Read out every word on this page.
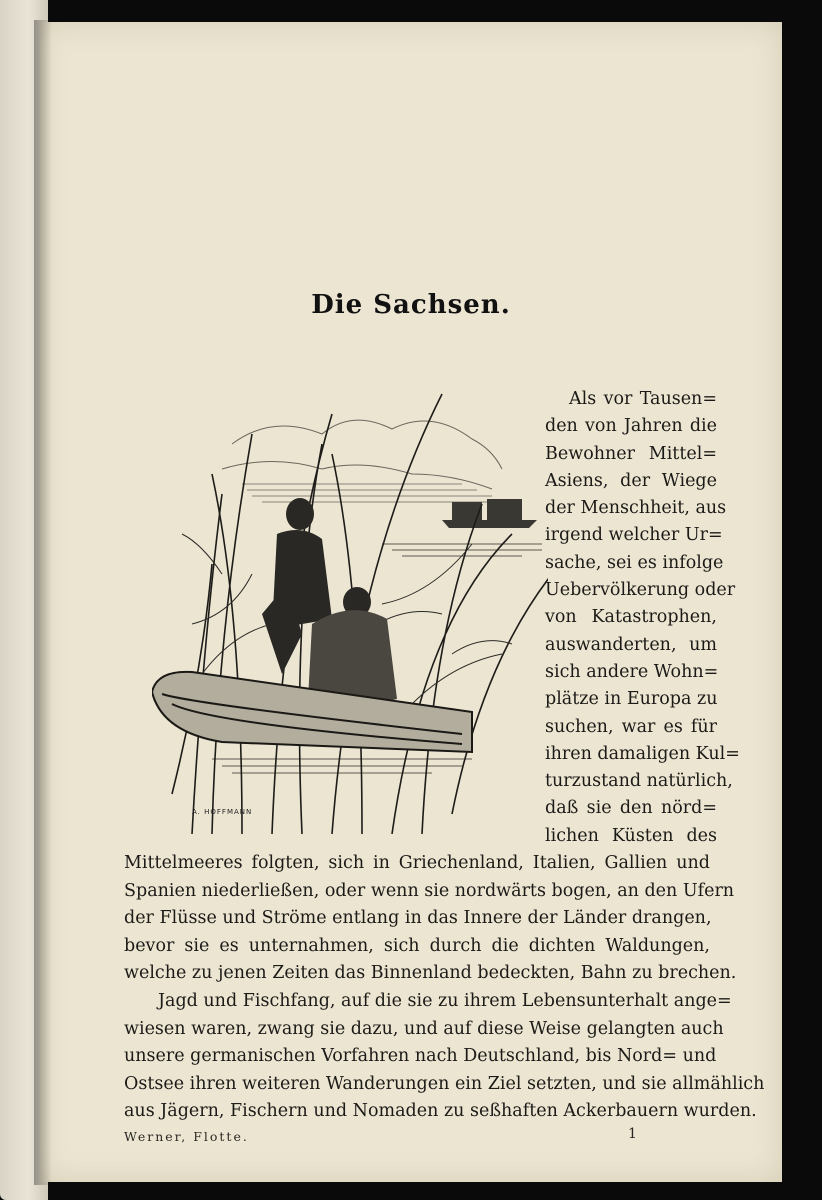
Die Sachsen.
A. HOFFMANN
Als vor Tausen=
den von Jahren die
Bewohner Mittel=
Asiens, der Wiege
der Menschheit, aus
irgend welcher Ur=
sache, sei es infolge
Uebervölkerung oder
von Katastrophen,
auswanderten, um
sich andere Wohn=
plätze in Europa zu
suchen, war es für
ihren damaligen Kul=
turzustand natürlich,
daß sie den nörd=
lichen Küsten des
Mittelmeeres folgten, sich in Griechenland, Italien, Gallien und
Spanien niederließen, oder wenn sie nordwärts bogen, an den Ufern
der Flüsse und Ströme entlang in das Innere der Länder drangen,
bevor sie es unternahmen, sich durch die dichten Waldungen,
welche zu jenen Zeiten das Binnenland bedeckten, Bahn zu brechen.
Jagd und Fischfang, auf die sie zu ihrem Lebensunterhalt ange=
wiesen waren, zwang sie dazu, und auf diese Weise gelangten auch
unsere germanischen Vorfahren nach Deutschland, bis Nord= und
Ostsee ihren weiteren Wanderungen ein Ziel setzten, und sie allmählich
aus Jägern, Fischern und Nomaden zu seßhaften Ackerbauern wurden.
Werner, Flotte.	1
